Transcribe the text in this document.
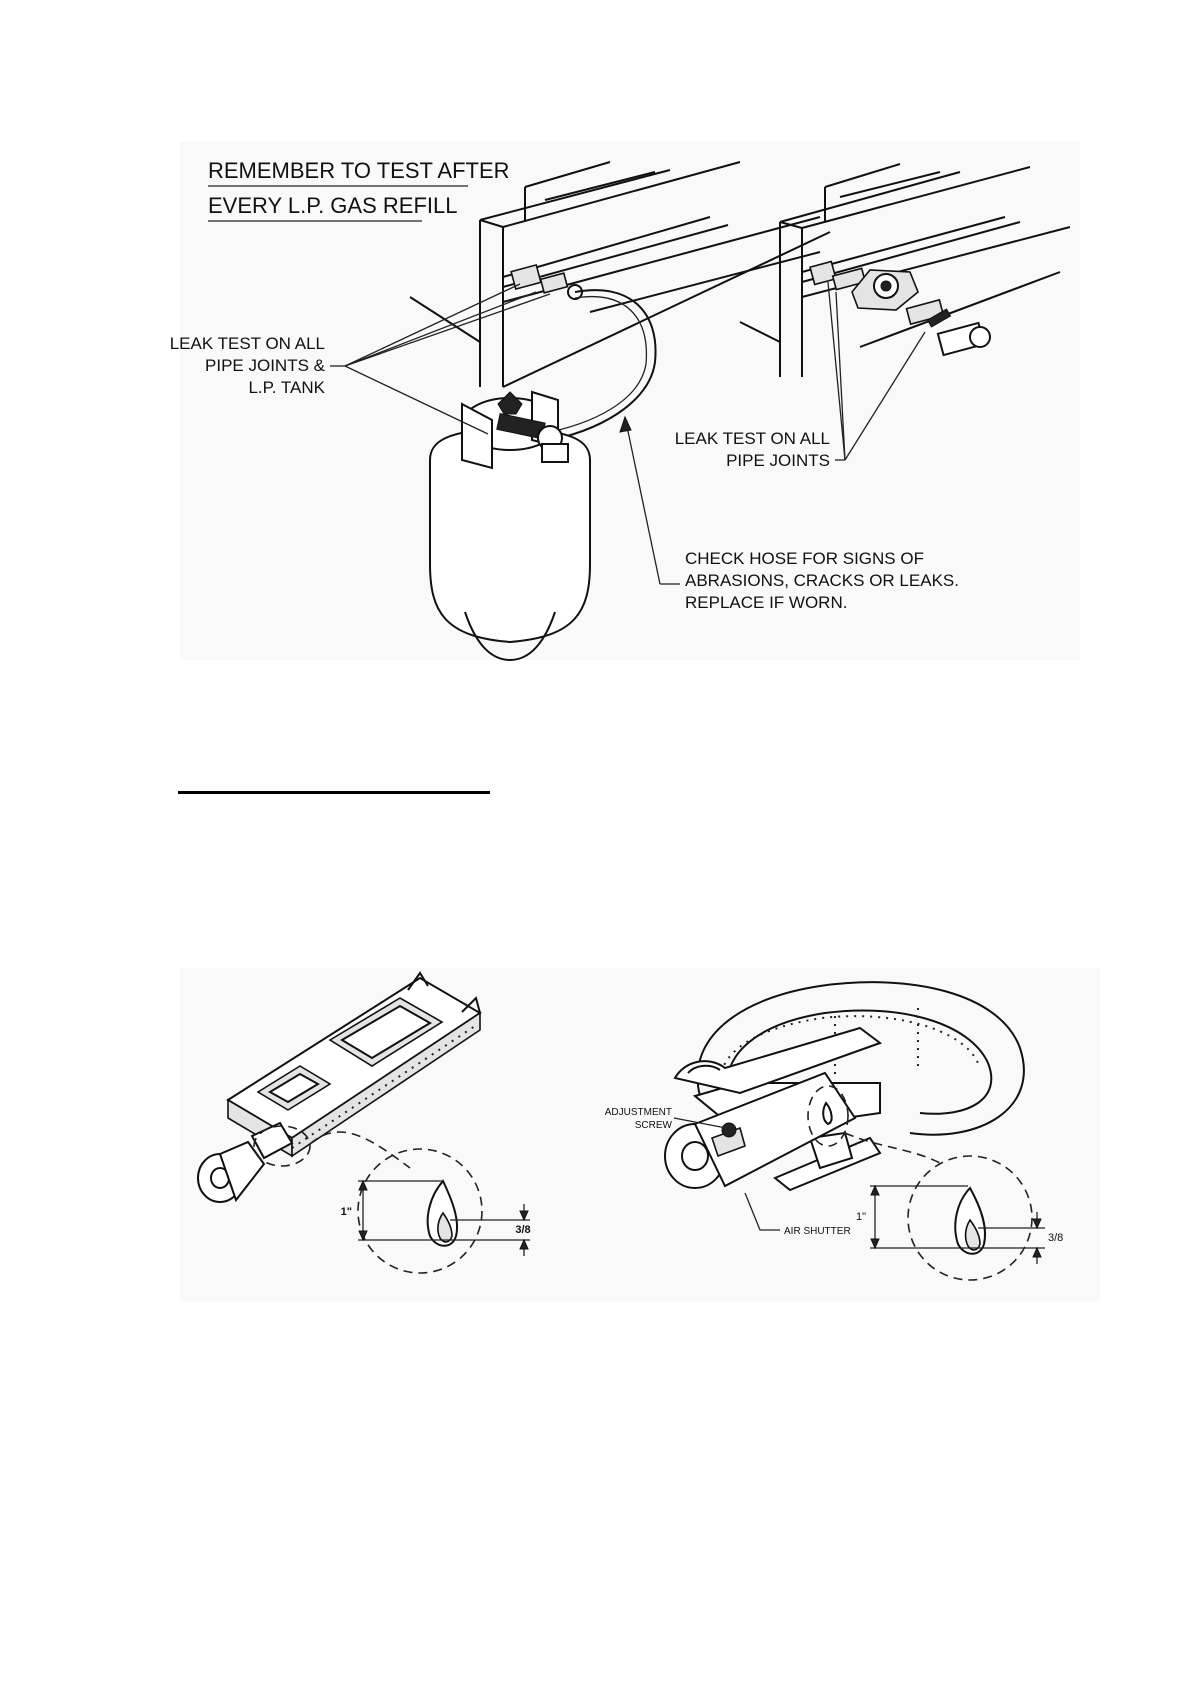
REMEMBER TO TEST AFTER
EVERY L.P. GAS REFILL
LEAK TEST ON ALL
PIPE JOINTS &
L.P. TANK
LEAK TEST ON ALL
PIPE JOINTS
CHECK HOSE FOR SIGNS OF
ABRASIONS, CRACKS OR LEAKS.
REPLACE IF WORN.
1"
3/8
ADJUSTMENT
SCREW
AIR SHUTTER
1"
3/8
